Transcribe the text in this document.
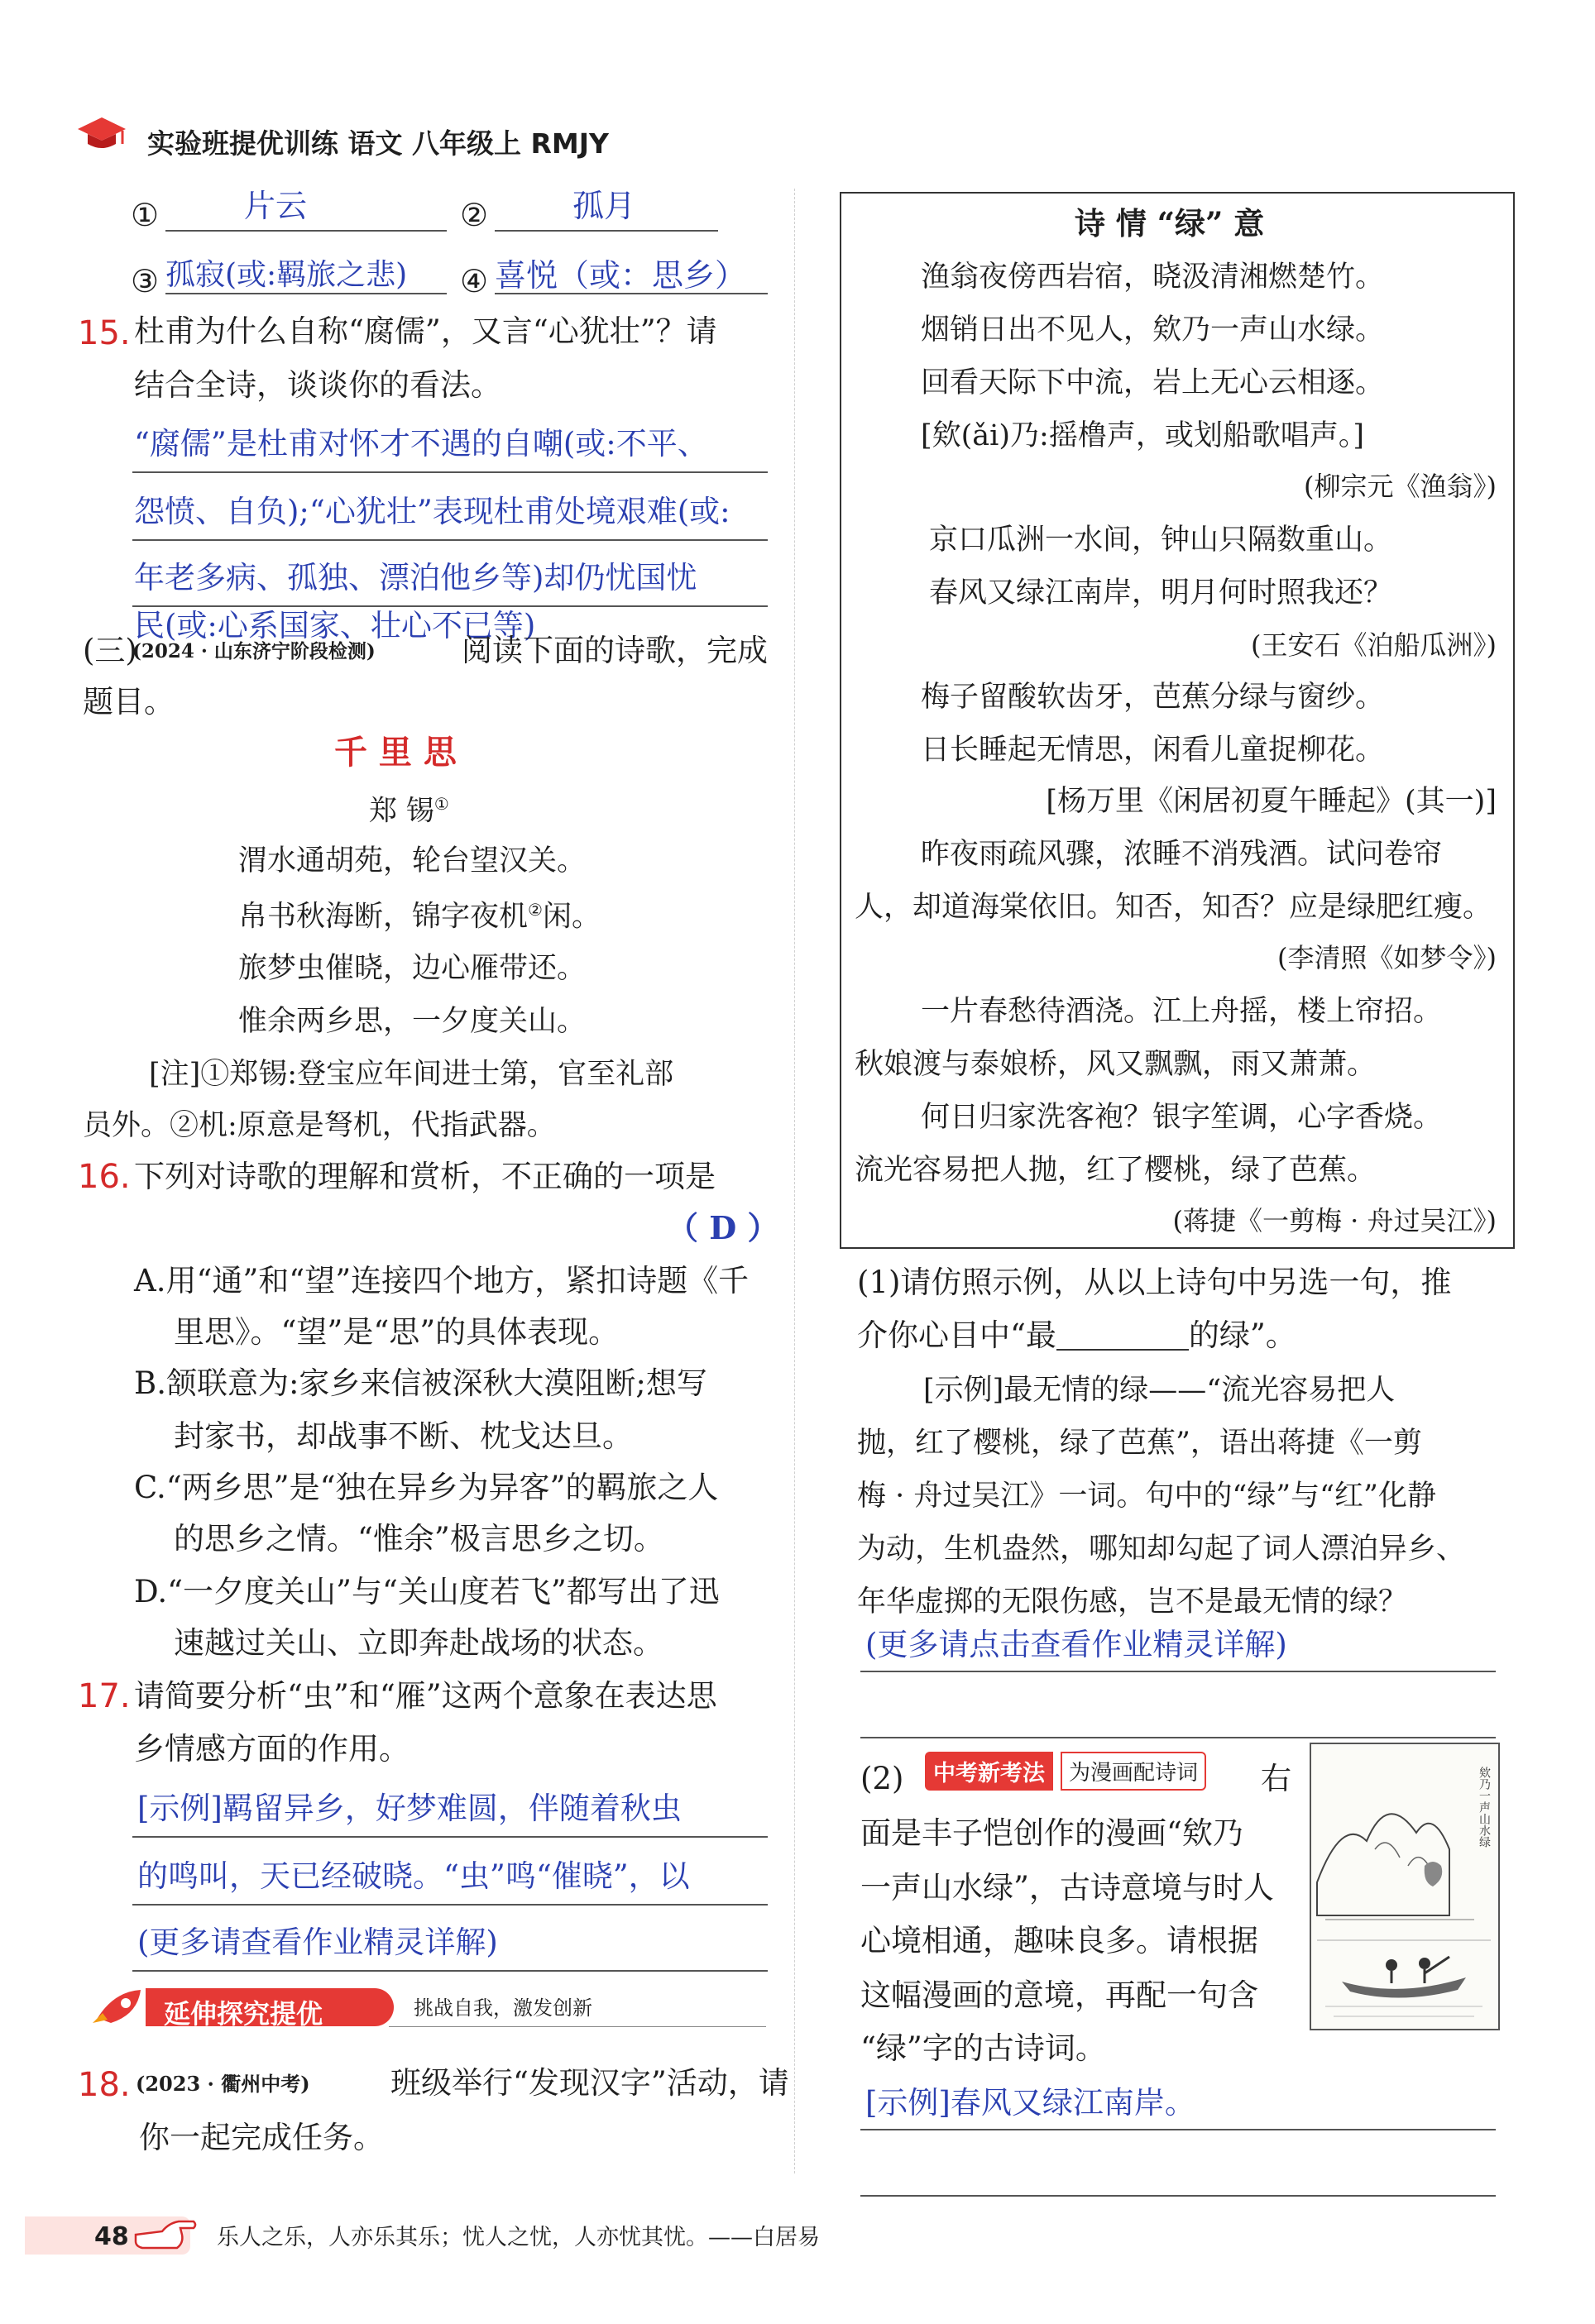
实验班提优训练 语文 八年级上 RMJY
①	片云	②	孤月
③ 孤寂(或:羁旅之悲) ④ 喜悦（或：思乡）
15. 杜甫为什么自称“腐儒”，又言“心犹壮”？请
结合全诗，谈谈你的看法。
“腐儒”是杜甫对怀才不遇的自嘲(或:不平、
怨愤、自负);“心犹壮”表现杜甫处境艰难(或:
年老多病、孤独、漂泊他乡等)却仍忧国忧
民(或:心系国家、壮心不已等)
(三)
(2024 · 山东济宁阶段检测)	阅读下面的诗歌，完成
题目。
千 里 思
郑 锡①
渭水通胡苑，轮台望汉关。
帛书秋海断，锦字夜机②闲。
旅梦虫催晓，边心雁带还。
惟余两乡思，一夕度关山。
[注]①郑锡:登宝应年间进士第，官至礼部
员外。②机:原意是弩机，代指武器。
16. 下列对诗歌的理解和赏析，不正确的一项是
（ D ）
A.用“通”和“望”连接四个地方，紧扣诗题《千
里思》。“望”是“思”的具体表现。
B.颔联意为:家乡来信被深秋大漠阻断;想写
封家书，却战事不断、枕戈达旦。
C.“两乡思”是“独在异乡为异客”的羁旅之人
的思乡之情。“惟余”极言思乡之切。
D.“一夕度关山”与“关山度若飞”都写出了迅
速越过关山、立即奔赴战场的状态。
17. 请简要分析“虫”和“雁”这两个意象在表达思
乡情感方面的作用。
[示例]羁留异乡，好梦难圆，伴随着秋虫
的鸣叫，天已经破晓。“虫”鸣“催晓”，以
(更多请查看作业精灵详解)
延伸探究提优	挑战自我，激发创新
18. (2023 · 衢州中考)	班级举行“发现汉字”活动，请
你一起完成任务。
诗 情 “绿” 意
渔翁夜傍西岩宿，晓汲清湘燃楚竹。
烟销日出不见人，欸乃一声山水绿。
回看天际下中流，岩上无心云相逐。
[欸(ǎi)乃:摇橹声，或划船歌唱声。]
(柳宗元《渔翁》)
京口瓜洲一水间，钟山只隔数重山。
春风又绿江南岸，明月何时照我还？
(王安石《泊船瓜洲》)
梅子留酸软齿牙，芭蕉分绿与窗纱。
日长睡起无情思，闲看儿童捉柳花。
[杨万里《闲居初夏午睡起》(其一)]
昨夜雨疏风骤，浓睡不消残酒。试问卷帘
人，却道海棠依旧。知否，知否？应是绿肥红瘦。
(李清照《如梦令》)
一片春愁待酒浇。江上舟摇，楼上帘招。
秋娘渡与泰娘桥，风又飘飘，雨又萧萧。
何日归家洗客袍？银字笙调，心字香烧。
流光容易把人抛，红了樱桃，绿了芭蕉。
(蒋捷《一剪梅 · 舟过吴江》)
(1)请仿照示例，从以上诗句中另选一句，推
介你心目中“最	的绿”。
[示例]最无情的绿——“流光容易把人
抛，红了樱桃，绿了芭蕉”，语出蒋捷《一剪
梅 · 舟过吴江》一词。句中的“绿”与“红”化静
为动，生机盎然，哪知却勾起了词人漂泊异乡、
年华虚掷的无限伤感，岂不是最无情的绿？
(更多请点击查看作业精灵详解)
(2)	中考新考法	为漫画配诗词 右
面是丰子恺创作的漫画“欸乃
一声山水绿”，古诗意境与时人
心境相通，趣味良多。请根据
这幅漫画的意境，再配一句含
“绿”字的古诗词。
[示例]春风又绿江南岸。
欸乃一声山水绿
48	乐人之乐，人亦乐其乐；忧人之忧，人亦忧其忧。——白居易
